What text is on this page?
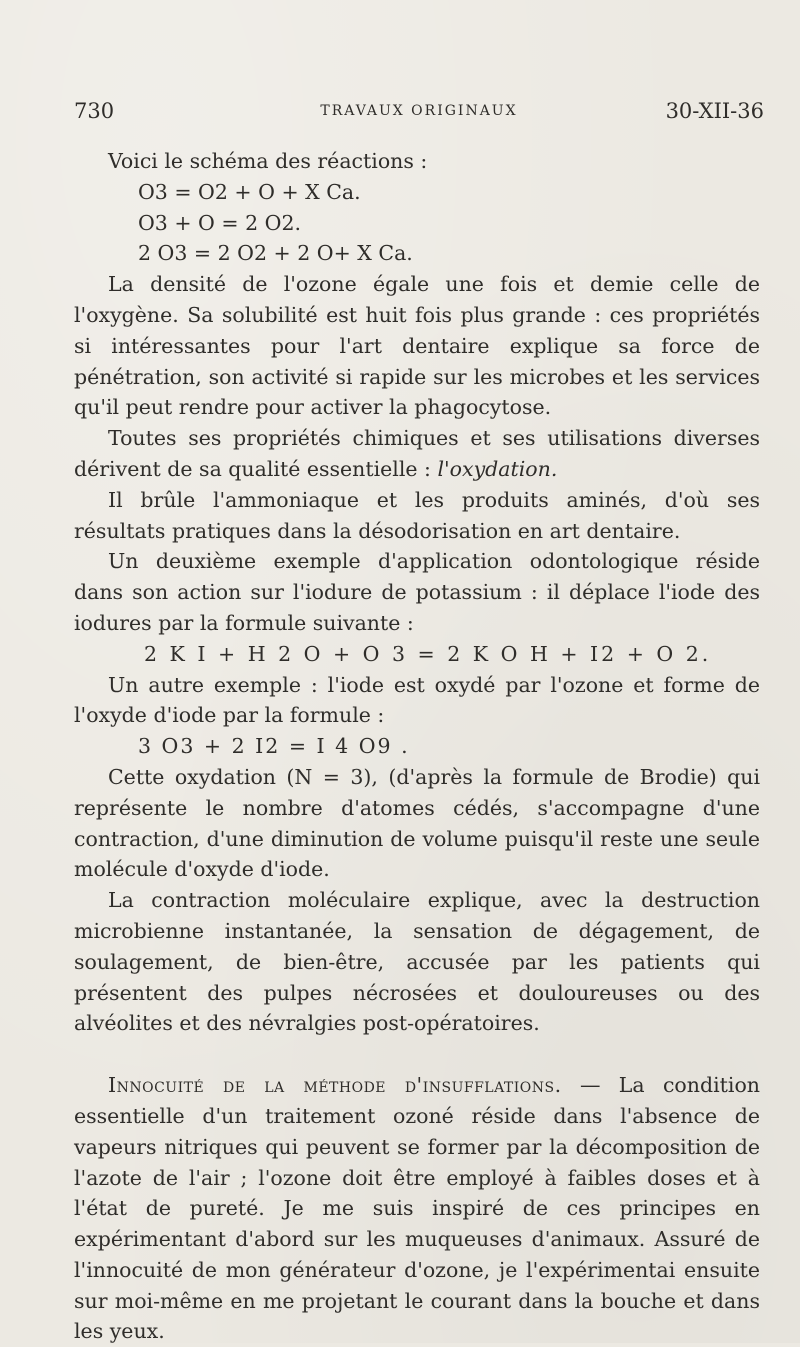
730	TRAVAUX ORIGINAUX	30-XII-36

Voici le schéma des réactions :

O3 = O2 + O + X Ca.
O3 + O = 2 O2.
2 O3 = 2 O2 + 2 O+ X Ca.

La densité de l'ozone égale une fois et demie celle de l'oxygène. Sa solubilité est huit fois plus grande : ces propriétés si intéressantes pour l'art dentaire explique sa force de pénétration, son activité si rapide sur les microbes et les services qu'il peut rendre pour activer la phagocytose.

Toutes ses propriétés chimiques et ses utilisations diverses dérivent de sa qualité essentielle : l'oxydation.

Il brûle l'ammoniaque et les produits aminés, d'où ses résultats pratiques dans la désodorisation en art dentaire.

Un deuxième exemple d'application odontologique réside dans son action sur l'iodure de potassium : il déplace l'iode des iodures par la formule suivante :

2 K I + H 2 O + O 3 = 2 K O H + I2 + O 2.

Un autre exemple : l'iode est oxydé par l'ozone et forme de l'oxyde d'iode par la formule :

3 O3 + 2 I2 = I 4 O9 .

Cette oxydation (N = 3), (d'après la formule de Brodie) qui représente le nombre d'atomes cédés, s'accompagne d'une contraction, d'une diminution de volume puisqu'il reste une seule molécule d'oxyde d'iode.

La contraction moléculaire explique, avec la destruction microbienne instantanée, la sensation de dégagement, de soulagement, de bien-être, accusée par les patients qui présentent des pulpes nécrosées et douloureuses ou des alvéolites et des névralgies post-opératoires.

Innocuité de la méthode d'insufflations. — La condition essentielle d'un traitement ozoné réside dans l'absence de vapeurs nitriques qui peuvent se former par la décomposition de l'azote de l'air ; l'ozone doit être employé à faibles doses et à l'état de pureté. Je me suis inspiré de ces principes en expérimentant d'abord sur les muqueuses d'animaux. Assuré de l'innocuité de mon générateur d'ozone, je l'expérimentai ensuite sur moi-même en me projetant le courant dans la bouche et dans les yeux.
